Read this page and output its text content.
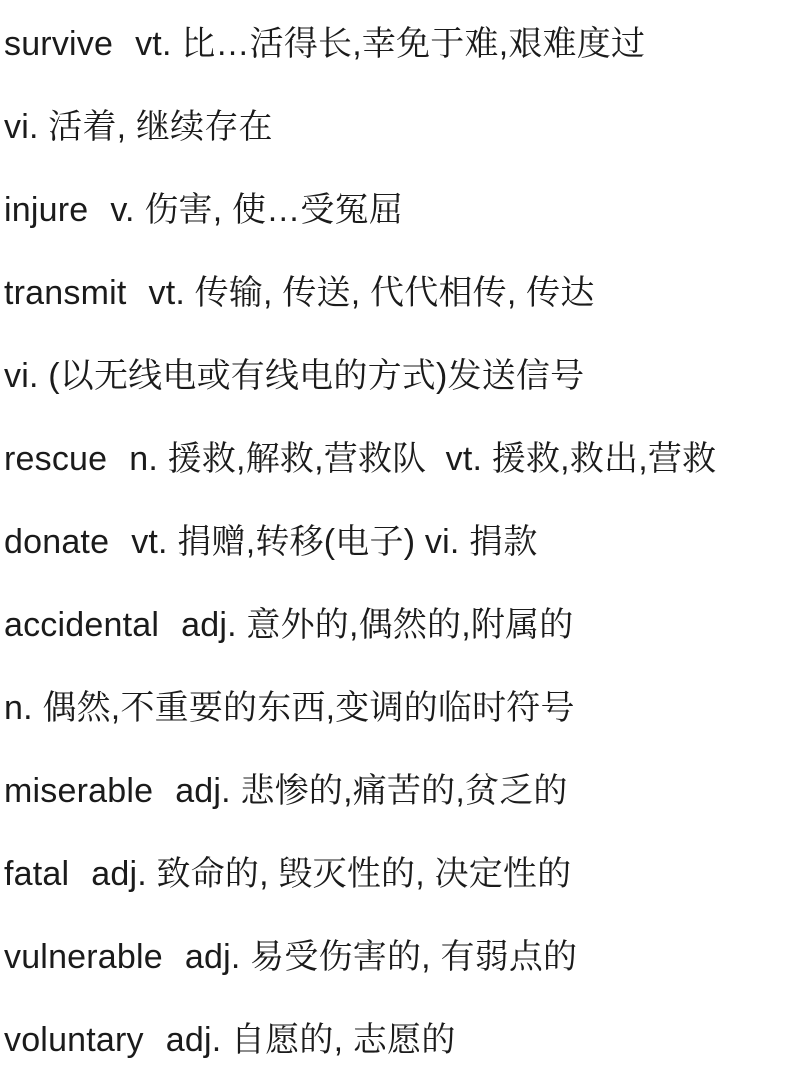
survive vt. 比…活得长,幸免于难,艰难度过

vi. 活着, 继续存在

injure v. 伤害, 使…受冤屈

transmit vt. 传输, 传送, 代代相传, 传达

vi. (以无线电或有线电的方式)发送信号

rescue n. 援救,解救,营救队  vt. 援救,救出,营救

donate vt. 捐赠,转移(电子) vi. 捐款

accidental adj. 意外的,偶然的,附属的

n. 偶然,不重要的东西,变调的临时符号

miserable adj. 悲惨的,痛苦的,贫乏的

fatal adj. 致命的, 毁灭性的, 决定性的

vulnerable adj. 易受伤害的, 有弱点的

voluntary adj. 自愿的, 志愿的
